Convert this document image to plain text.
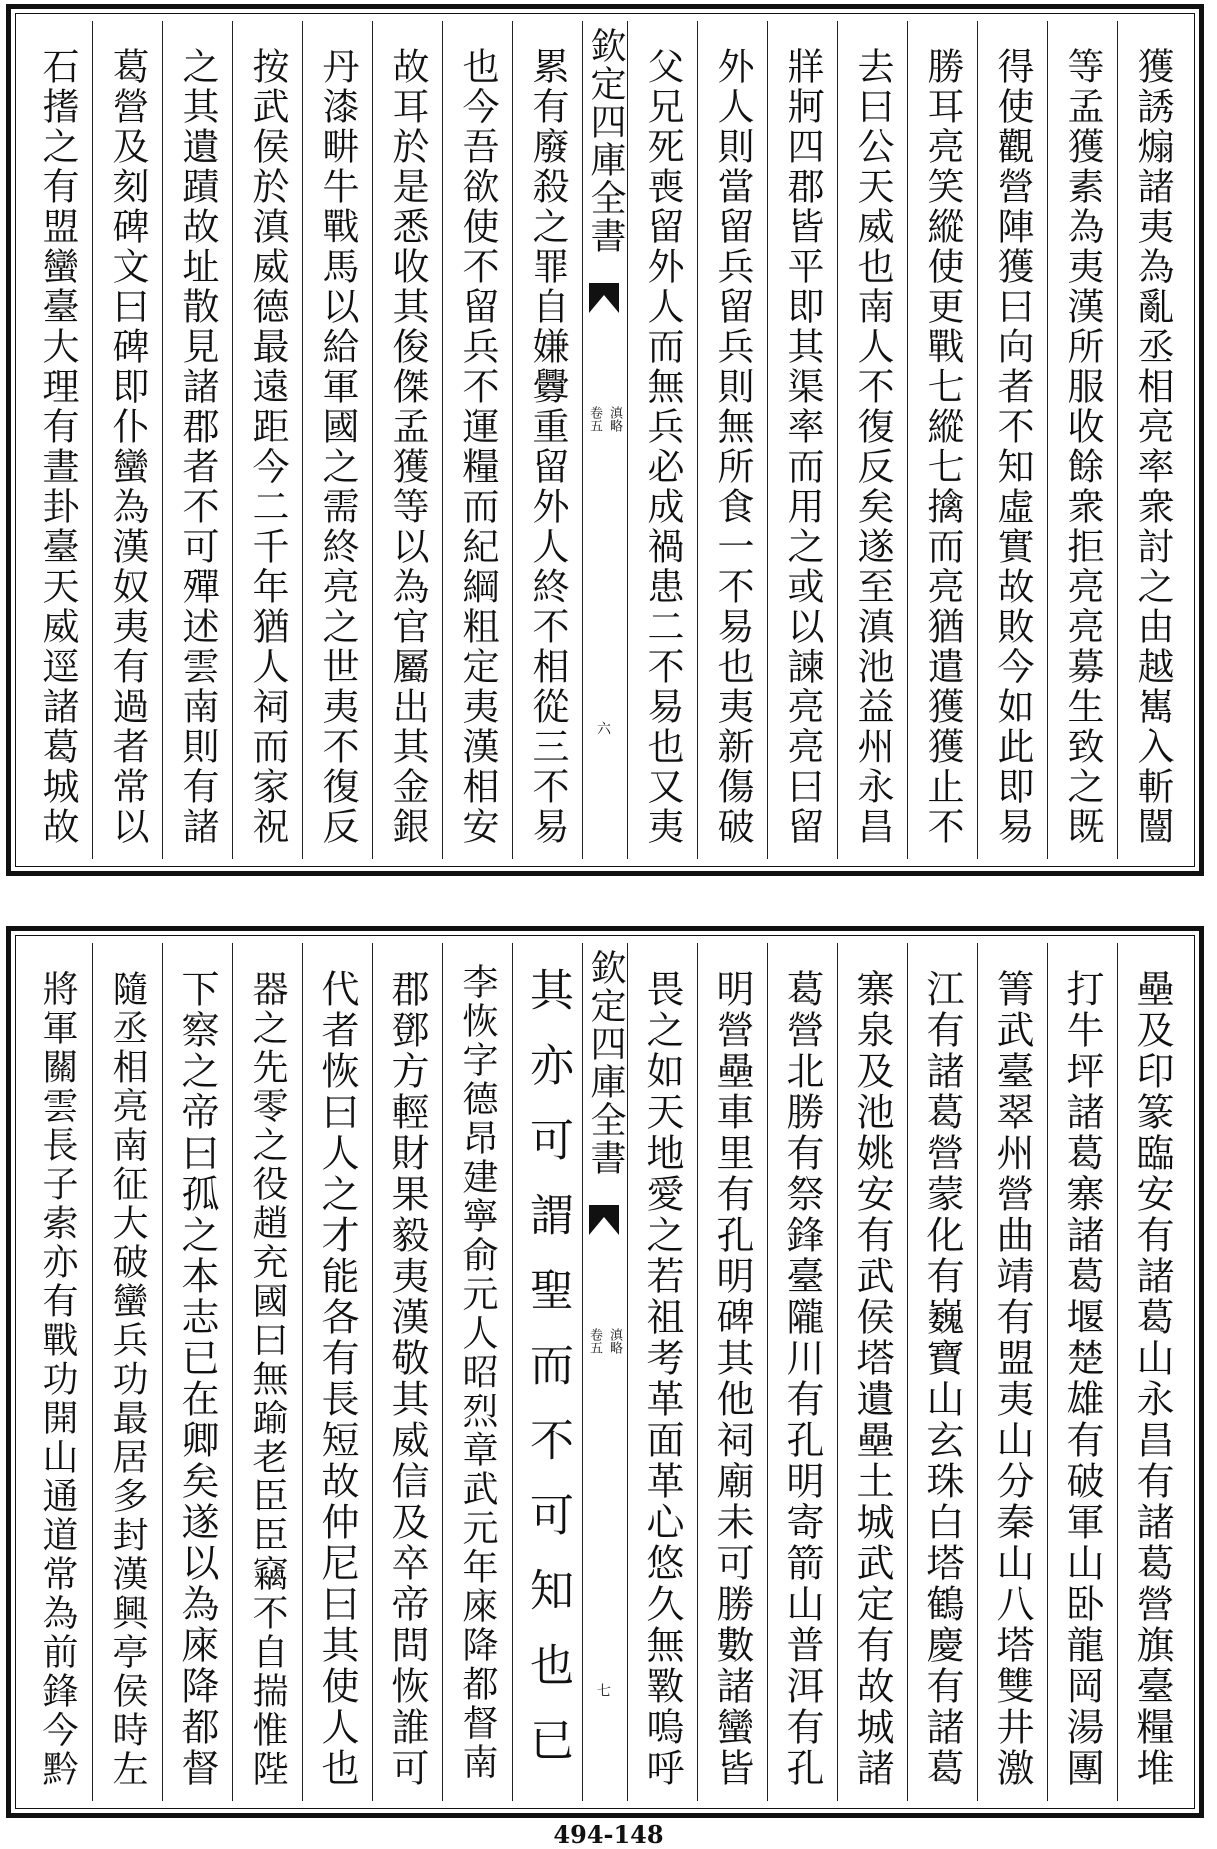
獲誘煽諸夷為亂丞相亮率衆討之由越嶲入斬闓
等孟獲素為夷漢所服收餘衆拒亮亮募生致之既
得使觀營陣獲曰向者不知虛實故敗今如此即易
勝耳亮笑縱使更戰七縱七擒而亮猶遣獲獲止不
去曰公天威也南人不復反矣遂至滇池益州永昌
牂牁四郡皆平即其渠率而用之或以諫亮亮曰留
外人則當留兵留兵則無所食一不易也夷新傷破
父兄死喪留外人而無兵必成禍患二不易也又夷
欽定四庫全書
滇略
卷五
六
累有廢殺之罪自嫌釁重留外人終不相從三不易
也今吾欲使不留兵不運糧而紀綱粗定夷漢相安
故耳於是悉收其俊傑孟獲等以為官屬出其金銀
丹漆畊牛戰馬以給軍國之需終亮之世夷不復反
按武侯於滇威德最遠距今二千年猶人祠而家祝
之其遺蹟故址散見諸郡者不可殫述雲南則有諸
葛營及刻碑文曰碑即仆蠻為漢奴夷有過者常以
石搘之有盟蠻臺大理有晝卦臺天威逕諸葛城故
壘及印篆臨安有諸葛山永昌有諸葛營旗臺糧堆
打牛坪諸葛寨諸葛堰楚雄有破軍山卧龍岡湯團
箐武臺翠州營曲靖有盟夷山分秦山八塔雙井激
江有諸葛營蒙化有巍寶山玄珠白塔鶴慶有諸葛
寨泉及池姚安有武侯塔遺壘土城武定有故城諸
葛營北勝有祭鋒臺隴川有孔明寄箭山普洱有孔
明營壘車里有孔明碑其他祠廟未可勝數諸蠻皆
畏之如天地愛之若祖考革面革心悠久無斁嗚呼
欽定四庫全書
滇略
卷五
七
其亦可謂聖而不可知也已
李恢字德昂建寧俞元人昭烈章武元年庲降都督南
郡鄧方輕財果毅夷漢敬其威信及卒帝問恢誰可
代者恢曰人之才能各有長短故仲尼曰其使人也
器之先零之役趙充國曰無踰老臣臣竊不自揣惟陛
下察之帝曰孤之本志已在卿矣遂以為庲降都督
隨丞相亮南征大破蠻兵功最居多封漢興亭侯時左
將軍關雲長子索亦有戰功開山通道常為前鋒今黔
494-148
